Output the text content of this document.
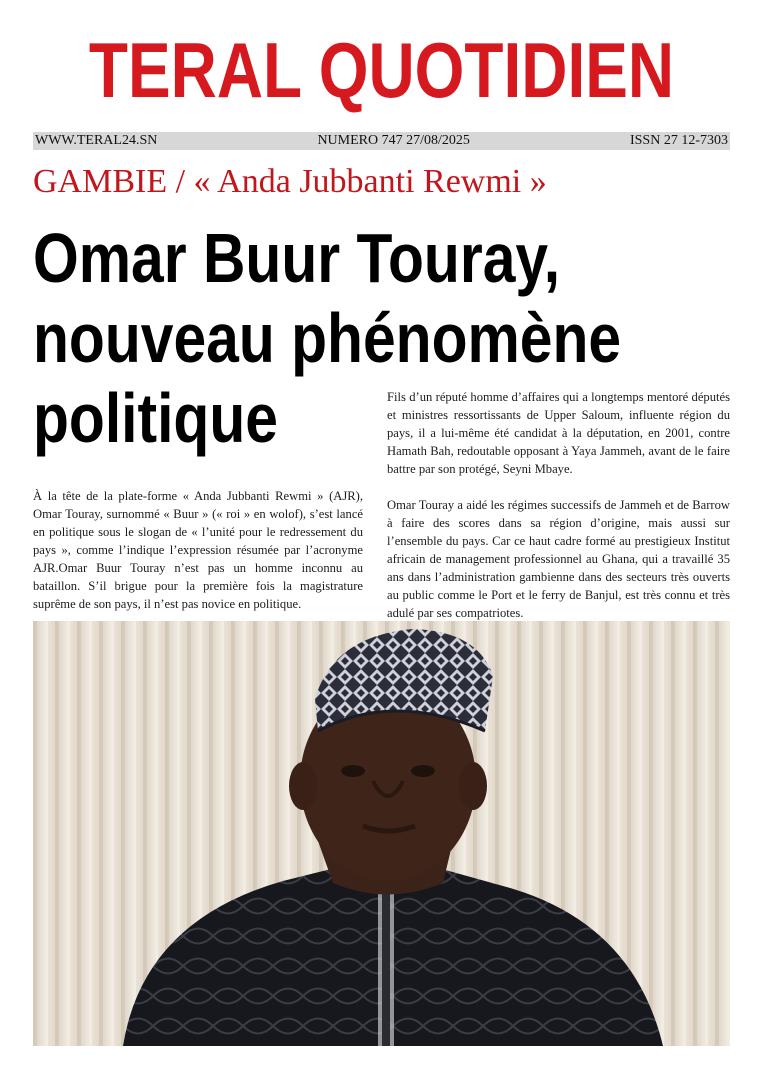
TERAL QUOTIDIEN
WWW.TERAL24.SN	NUMERO 747 27/08/2025	ISSN 27 12-7303
GAMBIE / « Anda Jubbanti Rewmi »
Omar Buur Touray,
nouveau phénomène
politique	Fils d’un réputé homme d’affaires qui a longtemps mentoré députés et ministres ressortissants de Upper Saloum, influente région du pays, il a lui-même été candidat à la députation, en 2001, contre Hamath Bah, redoutable opposant à Yaya Jammeh, avant de le faire battre par son protégé, Seyni Mbaye.

Omar Touray a aidé les régimes successifs de Jammeh et de Barrow à faire des scores dans sa région d’origine, mais aussi sur l’ensemble du pays. Car ce haut cadre formé au prestigieux Institut africain de management professionnel au Ghana, qui a travaillé 35 ans dans l’administration gambienne dans des secteurs très ouverts au public comme le Port et le ferry de Banjul, est très connu et très adulé par ses compatriotes.

À la tête de la plate-forme « Anda Jubbanti Rewmi » (AJR), Omar Touray, surnommé « Buur » (« roi » en wolof), s’est lancé en politique sous le slogan de « l’unité pour le redressement du pays », comme l’indique l’expression résumée par l’acronyme AJR.Omar Buur Touray n’est pas un homme inconnu au bataillon. S’il brigue pour la première fois la magistrature suprême de son pays, il n’est pas novice en politique.
